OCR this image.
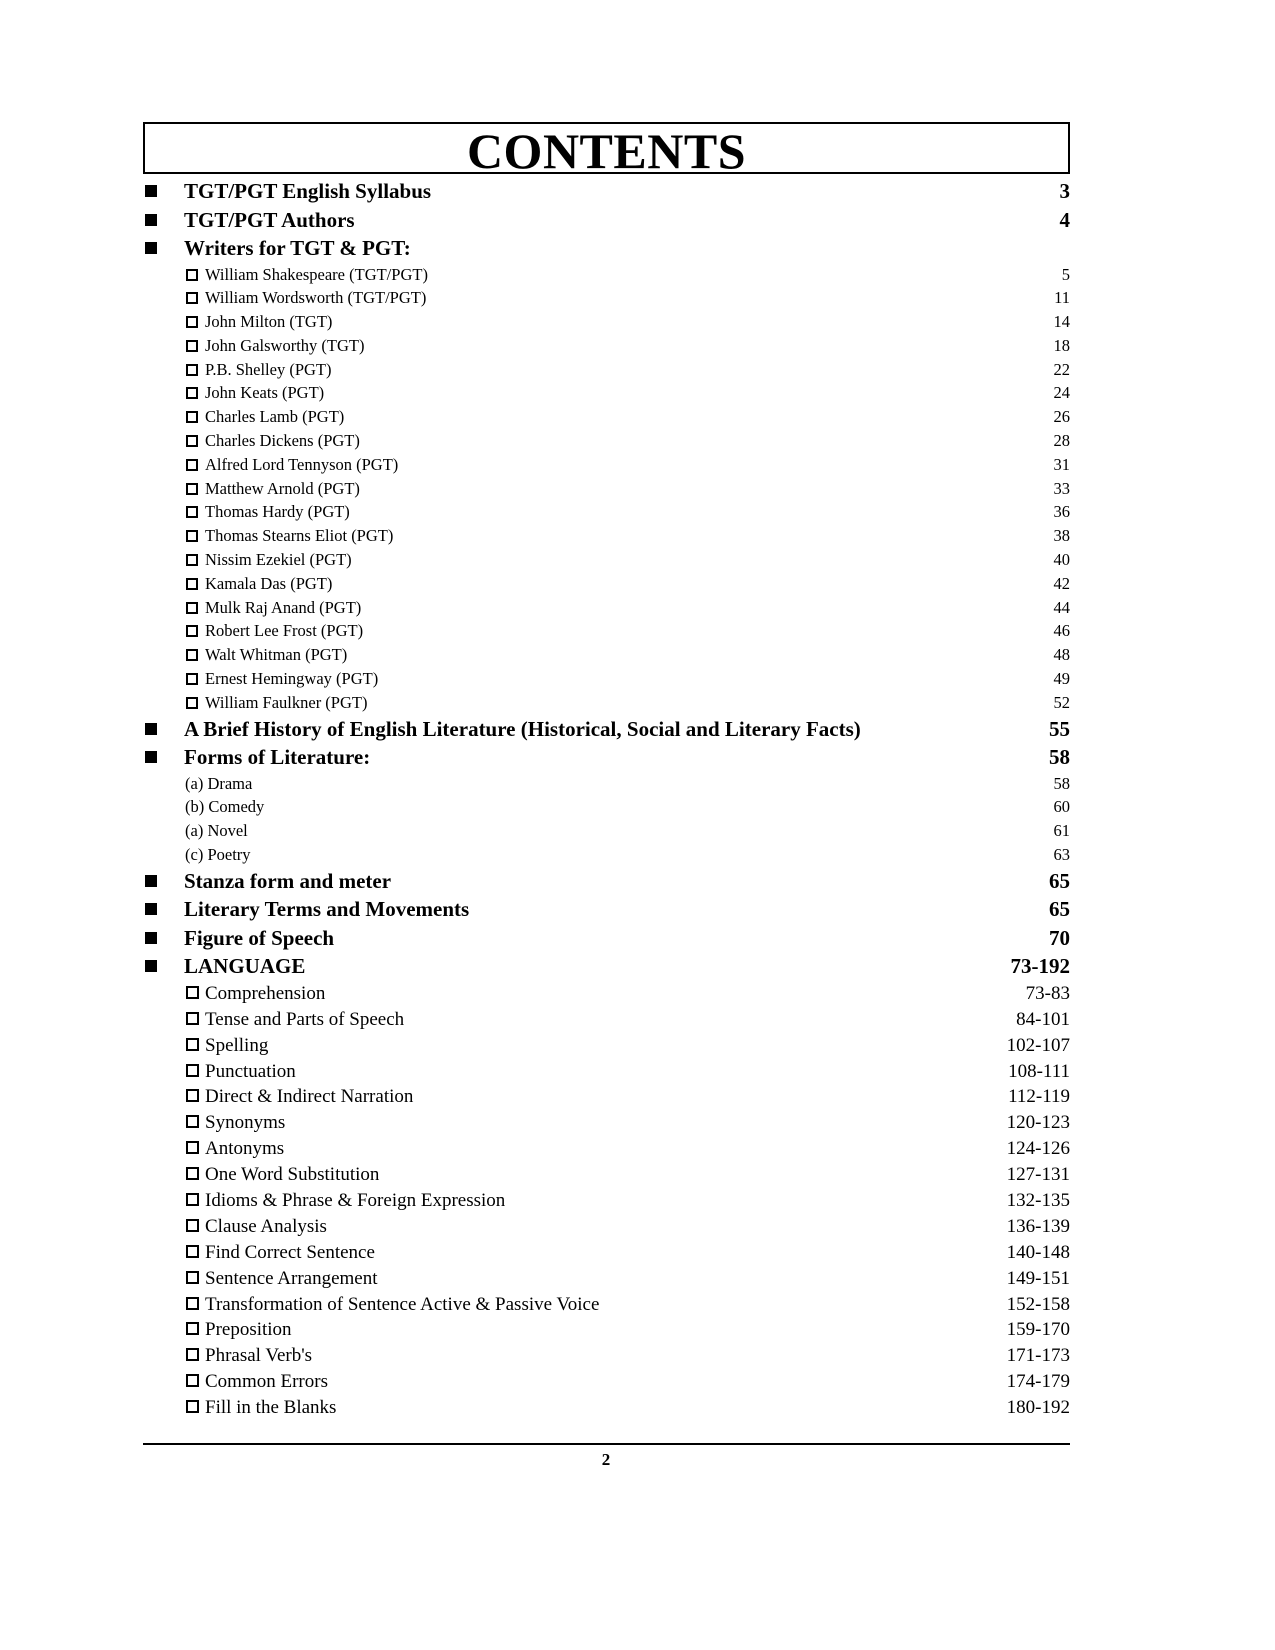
CONTENTS
TGT/PGT English Syllabus	3
TGT/PGT Authors	4
Writers for TGT & PGT:
William Shakespeare (TGT/PGT)	5
William Wordsworth (TGT/PGT)	11
John Milton (TGT)	14
John Galsworthy (TGT)	18
P.B. Shelley (PGT)	22
John Keats (PGT)	24
Charles Lamb (PGT)	26
Charles Dickens (PGT)	28
Alfred Lord Tennyson (PGT)	31
Matthew Arnold (PGT)	33
Thomas Hardy (PGT)	36
Thomas Stearns Eliot (PGT)	38
Nissim Ezekiel (PGT)	40
Kamala Das (PGT)	42
Mulk Raj Anand (PGT)	44
Robert Lee Frost (PGT)	46
Walt Whitman (PGT)	48
Ernest Hemingway (PGT)	49
William Faulkner (PGT)	52
A Brief History of English Literature (Historical, Social and Literary Facts)	55
Forms of Literature:	58
(a) Drama	58
(b) Comedy	60
(a) Novel	61
(c) Poetry	63
Stanza form and meter	65
Literary Terms and Movements	65
Figure of Speech	70
LANGUAGE	73-192
Comprehension	73-83
Tense and Parts of Speech	84-101
Spelling	102-107
Punctuation	108-111
Direct & Indirect Narration	112-119
Synonyms	120-123
Antonyms	124-126
One Word Substitution	127-131
Idioms & Phrase & Foreign Expression	132-135
Clause Analysis	136-139
Find Correct Sentence	140-148
Sentence Arrangement	149-151
Transformation of Sentence Active & Passive Voice	152-158
Preposition	159-170
Phrasal Verb's	171-173
Common Errors	174-179
Fill in the Blanks	180-192
2
